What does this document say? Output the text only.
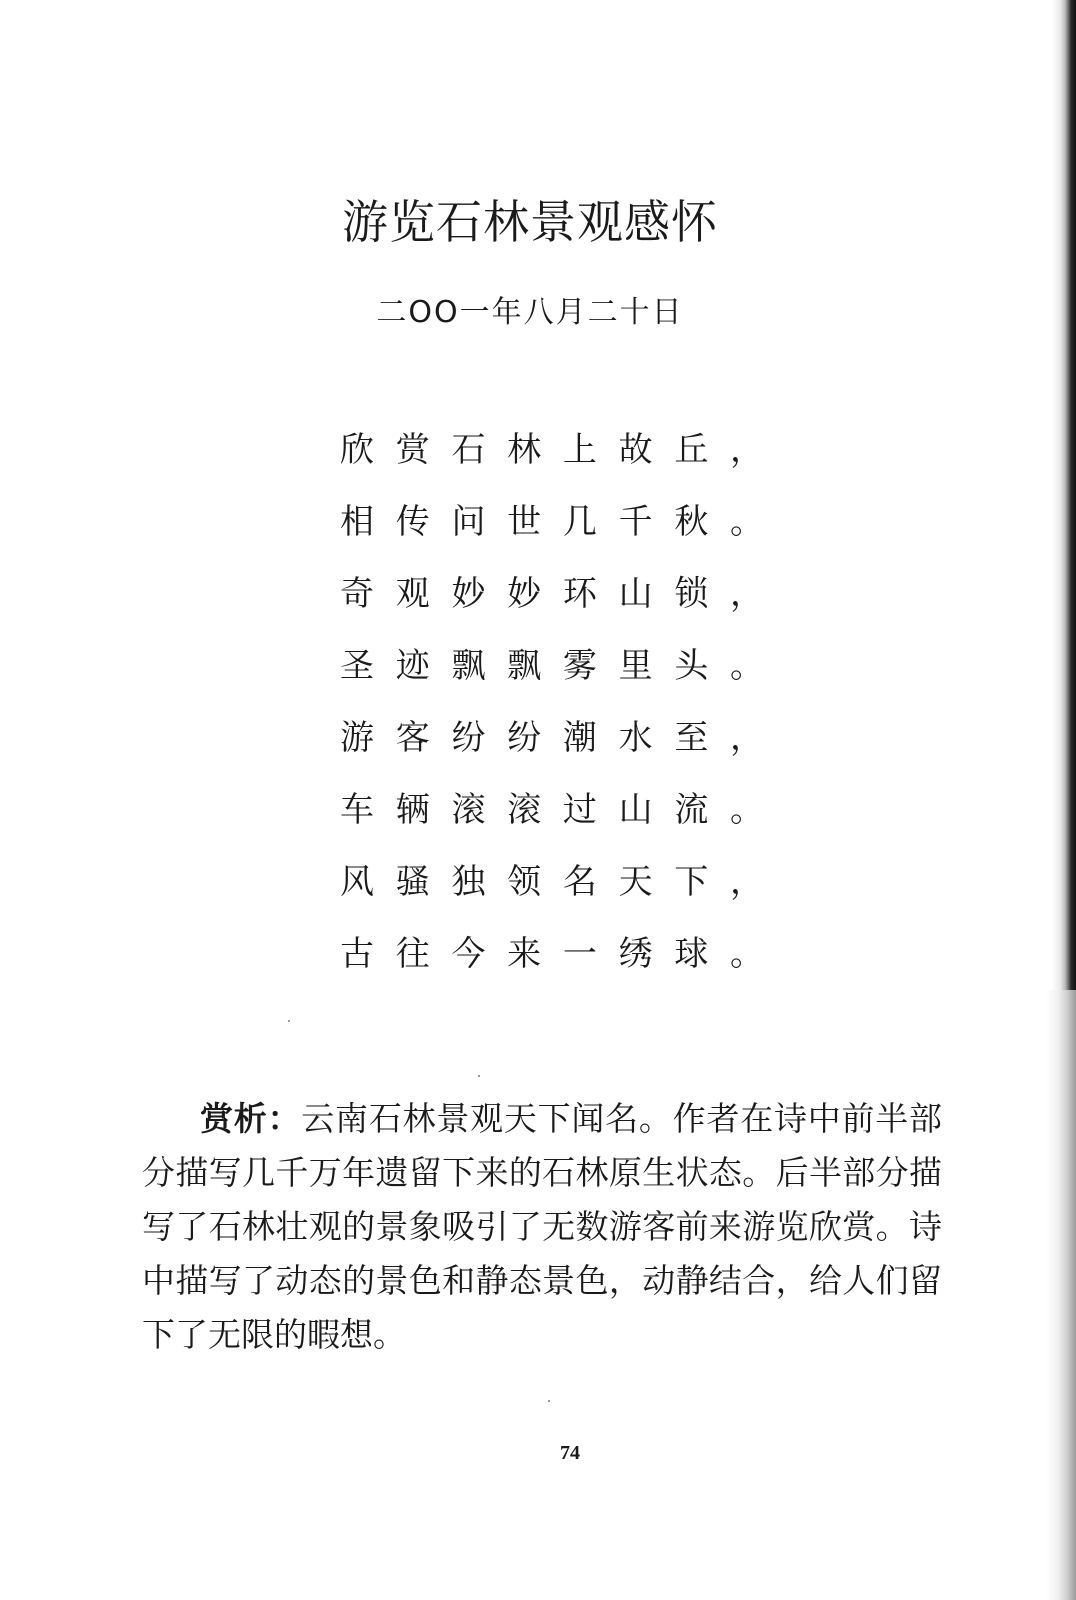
游览石林景观感怀
二OO一年八月二十日
欣 赏 石 林 上 故 丘 ，
相 传 问 世 几 千 秋 。
奇 观 妙 妙 环 山 锁 ，
圣 迹 飘 飘 雾 里 头 。
游 客 纷 纷 潮 水 至 ，
车 辆 滚 滚 过 山 流 。
风 骚 独 领 名 天 下 ，
古 往 今 来 一 绣 球 。
赏析：云南石林景观天下闻名。作者在诗中前半部分描写几千万年遗留下来的石林原生状态。后半部分描写了石林壮观的景象吸引了无数游客前来游览欣赏。诗中描写了动态的景色和静态景色，动静结合，给人们留下了无限的暇想。
74
